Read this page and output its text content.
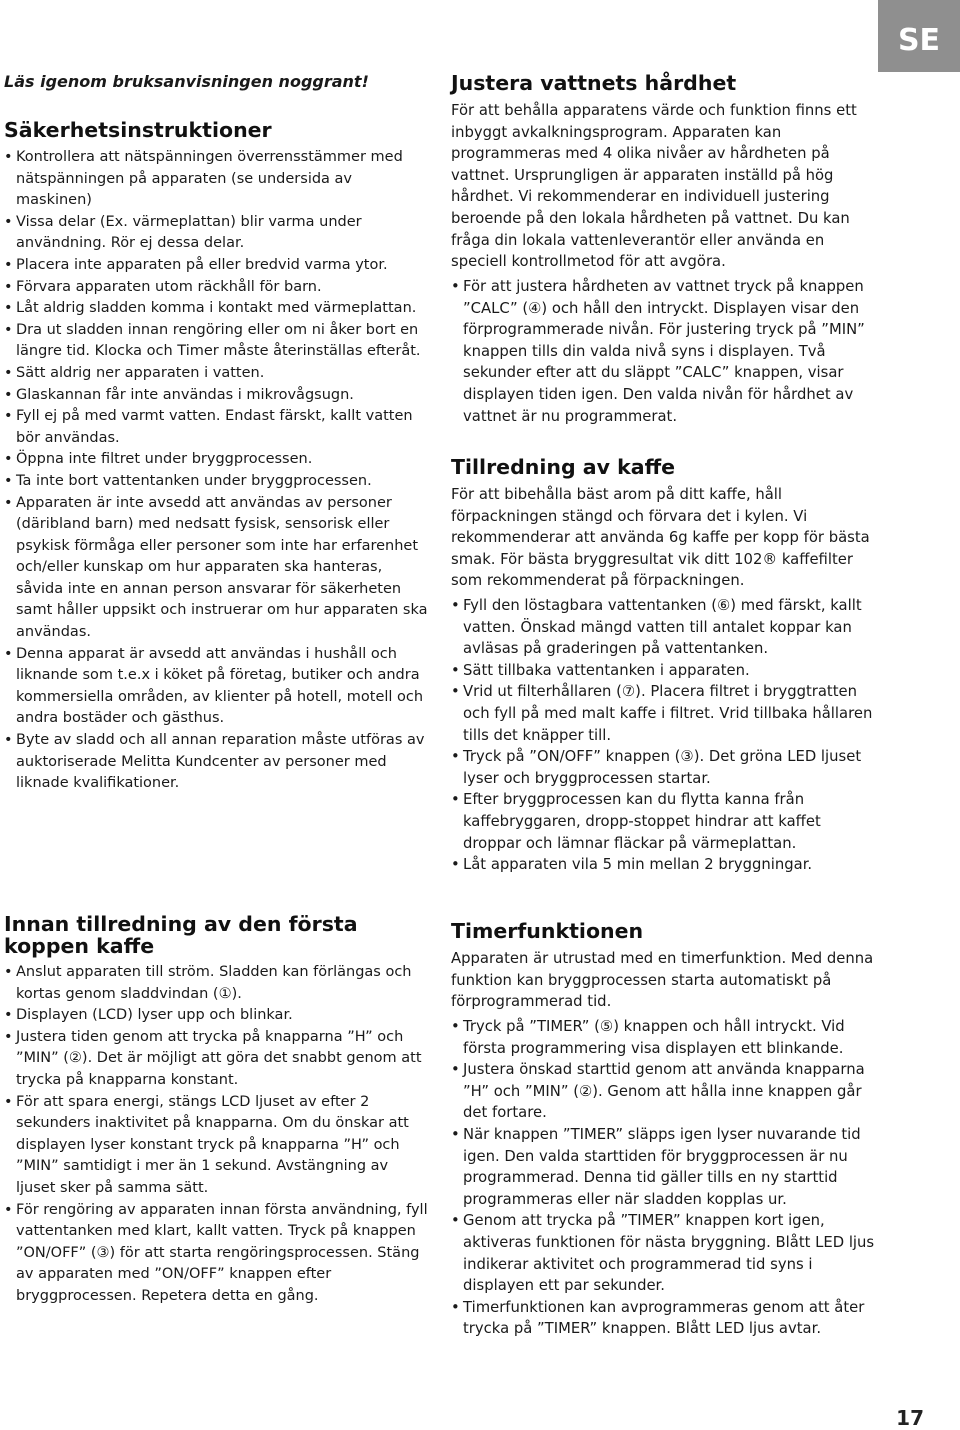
SE
Läs igenom bruksanvisningen noggrant!
Säkerhetsinstruktioner
• Kontrollera att nätspänningen överrensstämmer med nätspänningen på apparaten (se undersida av maskinen)
• Vissa delar (Ex. värmeplattan) blir varma under användning. Rör ej dessa delar.
• Placera inte apparaten på eller bredvid varma ytor.
• Förvara apparaten utom räckhåll för barn.
• Låt aldrig sladden komma i kontakt med värmeplattan.
• Dra ut sladden innan rengöring eller om ni åker bort en längre tid. Klocka och Timer måste återinställas efteråt.
• Sätt aldrig ner apparaten i vatten.
• Glaskannan får inte användas i mikrovågsugn.
• Fyll ej på med varmt vatten. Endast färskt, kallt vatten bör användas.
• Öppna inte filtret under bryggprocessen.
• Ta inte bort vattentanken under bryggprocessen.
• Apparaten är inte avsedd att användas av personer (däribland barn) med nedsatt fysisk, sensorisk eller psykisk förmåga eller personer som inte har erfarenhet och/eller kunskap om hur apparaten ska hanteras, såvida inte en annan person ansvarar för säkerheten samt håller uppsikt och instruerar om hur apparaten ska användas.
• Denna apparat är avsedd att användas i hushåll och liknande som t.e.x i köket på företag, butiker och andra kommersiella områden, av klienter på hotell, motell och andra bostäder och gästhus.
• Byte av sladd och all annan reparation måste utföras av auktoriserade Melitta Kundcenter av personer med liknade kvalifikationer.
Innan tillredning av den första koppen kaffe
• Anslut apparaten till ström. Sladden kan förlängas och kortas genom sladdvindan (①).
• Displayen (LCD) lyser upp och blinkar.
• Justera tiden genom att trycka på knapparna ”H” och ”MIN” (②). Det är möjligt att göra det snabbt genom att trycka på knapparna konstant.
• För att spara energi, stängs LCD ljuset av efter 2 sekunders inaktivitet på knapparna. Om du önskar att displayen lyser konstant tryck på knapparna ”H” och ”MIN” samtidigt i mer än 1 sekund. Avstängning av ljuset sker på samma sätt.
• För rengöring av apparaten innan första användning, fyll vattentanken med klart, kallt vatten. Tryck på knappen ”ON/OFF” (③) för att starta rengöringsprocessen. Stäng av apparaten med ”ON/OFF” knappen efter bryggprocessen. Repetera detta en gång.
Justera vattnets hårdhet

För att behålla apparatens värde och funktion finns ett inbyggt avkalkningsprogram. Apparaten kan programmeras med 4 olika nivåer av hårdheten på vattnet. Ursprungligen är apparaten inställd på hög hårdhet. Vi rekommenderar en individuell justering beroende på den lokala hårdheten på vattnet. Du kan fråga din lokala vattenleverantör eller använda en speciell kontrollmetod för att avgöra.

• För att justera hårdheten av vattnet tryck på knappen ”CALC” (④) och håll den intryckt. Displayen visar den förprogrammerade nivån. För justering tryck på ”MIN” knappen tills din valda nivå syns i displayen. Två sekunder efter att du släppt ”CALC” knappen, visar displayen tiden igen. Den valda nivån för hårdhet av vattnet är nu programmerat.
Tillredning av kaffe

För att bibehålla bäst arom på ditt kaffe, håll förpackningen stängd och förvara det i kylen. Vi rekommenderar att använda 6g kaffe per kopp för bästa smak. För bästa bryggresultat vik ditt 102® kaffefilter som rekommenderat på förpackningen.

• Fyll den löstagbara vattentanken (⑥) med färskt, kallt vatten. Önskad mängd vatten till antalet koppar kan avläsas på graderingen på vattentanken.
• Sätt tillbaka vattentanken i apparaten.
• Vrid ut filterhållaren (⑦). Placera filtret i bryggtratten och fyll på med malt kaffe i filtret. Vrid tillbaka hållaren tills det knäpper till.
• Tryck på ”ON/OFF” knappen (③). Det gröna LED ljuset lyser och bryggprocessen startar.
• Efter bryggprocessen kan du flytta kanna från kaffebryggaren, dropp-stoppet hindrar att kaffet droppar och lämnar fläckar på värmeplattan.
• Låt apparaten vila 5 min mellan 2 bryggningar.
Timerfunktionen

Apparaten är utrustad med en timerfunktion. Med denna funktion kan bryggprocessen starta automatiskt på förprogrammerad tid.

• Tryck på ”TIMER” (⑤) knappen och håll intryckt. Vid första programmering visa displayen ett blinkande.
• Justera önskad starttid genom att använda knapparna ”H” och ”MIN” (②). Genom att hålla inne knappen går det fortare.
• När knappen ”TIMER” släpps igen lyser nuvarande tid igen. Den valda starttiden för bryggprocessen är nu programmerad. Denna tid gäller tills en ny starttid programmeras eller när sladden kopplas ur.
• Genom att trycka på ”TIMER” knappen kort igen, aktiveras funktionen för nästa bryggning. Blått LED ljus indikerar aktivitet och programmerad tid syns i displayen ett par sekunder.
• Timerfunktionen kan avprogrammeras genom att åter trycka på ”TIMER” knappen. Blått LED ljus avtar.
17
